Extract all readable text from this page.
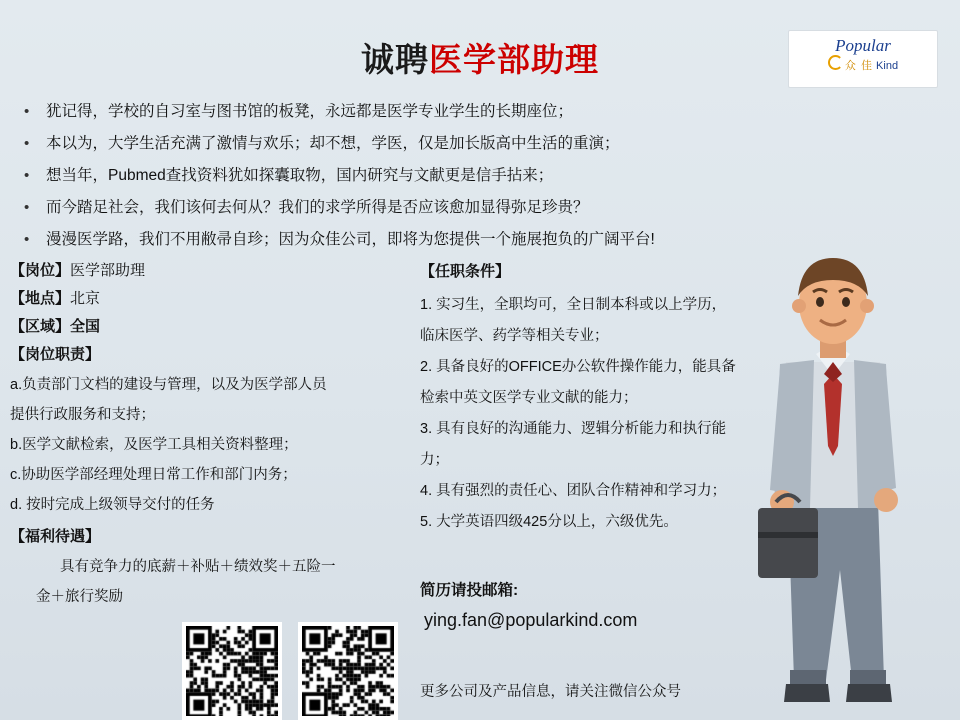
诚聘医学部助理	Popular
众 佳 Kind
• 犹记得，学校的自习室与图书馆的板凳，永远都是医学专业学生的长期座位；
• 本以为，大学生活充满了激情与欢乐；却不想，学医，仅是加长版高中生活的重演；
• 想当年，Pubmed查找资料犹如探囊取物，国内研究与文献更是信手拈来；
• 而今踏足社会，我们该何去何从？我们的求学所得是否应该愈加显得弥足珍贵？
• 漫漫医学路，我们不用敝帚自珍；因为众佳公司，即将为您提供一个施展抱负的广阔平台!
【岗位】医学部助理
【地点】北京
【区域】全国
【岗位职责】
a.负责部门文档的建设与管理，以及为医学部人员
提供行政服务和支持；
b.医学文献检索，及医学工具相关资料整理；
c.协助医学部经理处理日常工作和部门内务；
d. 按时完成上级领导交付的任务
【福利待遇】
具有竞争力的底薪＋补贴＋绩效奖＋五险一
金＋旅行奖励
【任职条件】
1. 实习生，全职均可，全日制本科或以上学历，
临床医学、药学等相关专业；
2. 具备良好的OFFICE办公软件操作能力，能具备
检索中英文医学专业文献的能力；
3. 具有良好的沟通能力、逻辑分析能力和执行能
力；
4. 具有强烈的责任心、团队合作精神和学习力；
5. 大学英语四级425分以上，六级优先。
简历请投邮箱:
ying.fan@popularkind.com
更多公司及产品信息，请关注微信公众号
